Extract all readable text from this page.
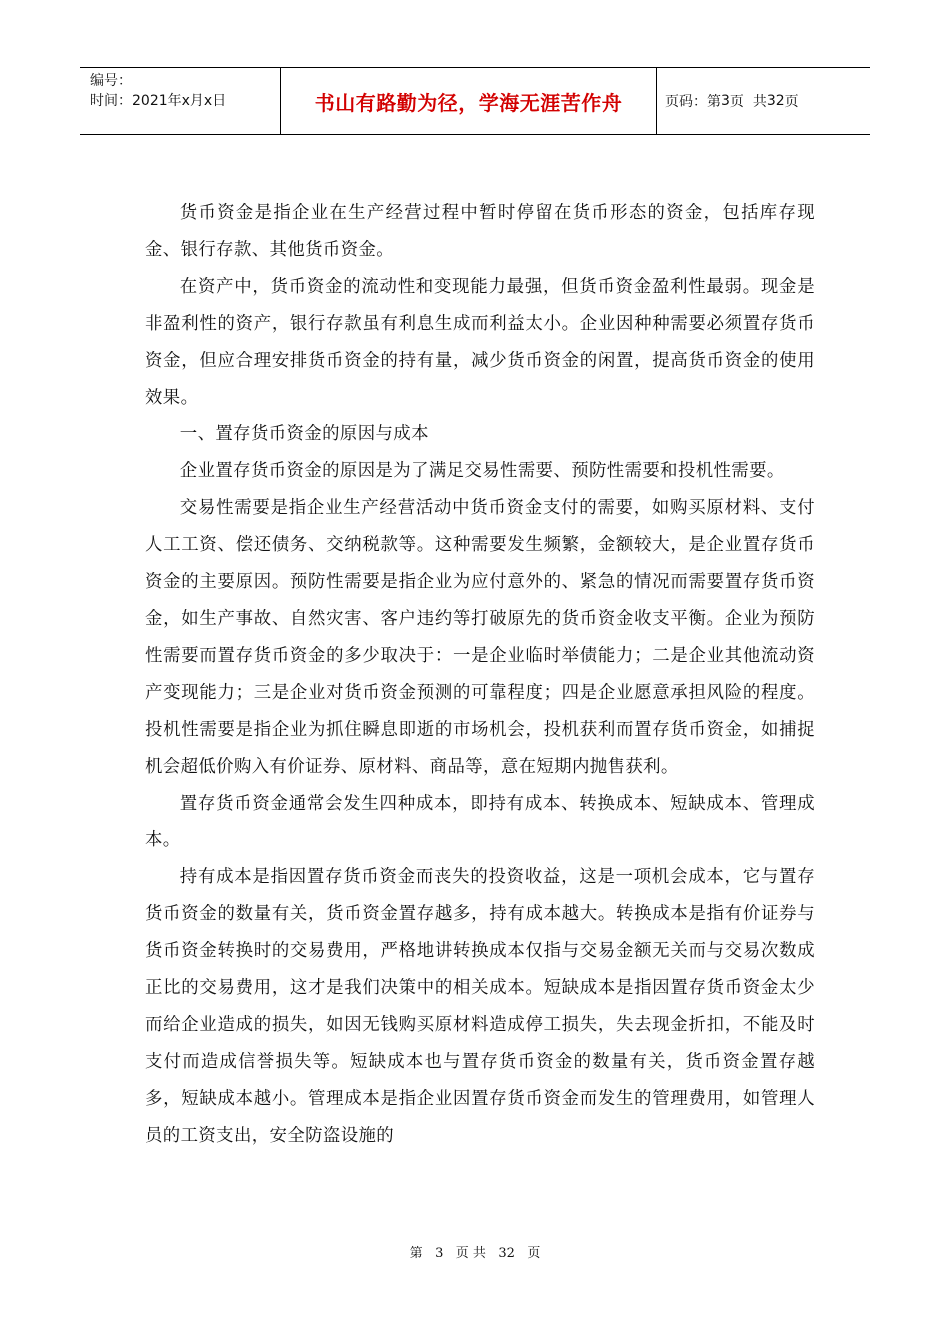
编号：
时间：2021年x月x日	书山有路勤为径，学海无涯苦作舟	页码：第 3 页  共 32 页

货币资金是指企业在生产经营过程中暂时停留在货币形态的资金，包括库存现金、银行存款、其他货币资金。

在资产中，货币资金的流动性和变现能力最强，但货币资金盈利性最弱。现金是非盈利性的资产，银行存款虽有利息生成而利益太小。企业因种种需要必须置存货币资金，但应合理安排货币资金的持有量，减少货币资金的闲置，提高货币资金的使用效果。

一、置存货币资金的原因与成本

企业置存货币资金的原因是为了满足交易性需要、预防性需要和投机性需要。

交易性需要是指企业生产经营活动中货币资金支付的需要，如购买原材料、支付人工工资、偿还债务、交纳税款等。这种需要发生频繁，金额较大，是企业置存货币资金的主要原因。预防性需要是指企业为应付意外的、紧急的情况而需要置存货币资金，如生产事故、自然灾害、客户违约等打破原先的货币资金收支平衡。企业为预防性需要而置存货币资金的多少取决于：一是企业临时举债能力；二是企业其他流动资产变现能力；三是企业对货币资金预测的可靠程度；四是企业愿意承担风险的程度。投机性需要是指企业为抓住瞬息即逝的市场机会，投机获利而置存货币资金，如捕捉机会超低价购入有价证券、原材料、商品等，意在短期内抛售获利。

置存货币资金通常会发生四种成本，即持有成本、转换成本、短缺成本、管理成本。

持有成本是指因置存货币资金而丧失的投资收益，这是一项机会成本，它与置存货币资金的数量有关，货币资金置存越多，持有成本越大。转换成本是指有价证券与货币资金转换时的交易费用，严格地讲转换成本仅指与交易金额无关而与交易次数成正比的交易费用，这才是我们决策中的相关成本。短缺成本是指因置存货币资金太少而给企业造成的损失，如因无钱购买原材料造成停工损失，失去现金折扣，不能及时支付而造成信誉损失等。短缺成本也与置存货币资金的数量有关，货币资金置存越多，短缺成本越小。管理成本是指企业因置存货币资金而发生的管理费用，如管理人员的工资支出，安全防盗设施的

第 3 页 共 32 页
